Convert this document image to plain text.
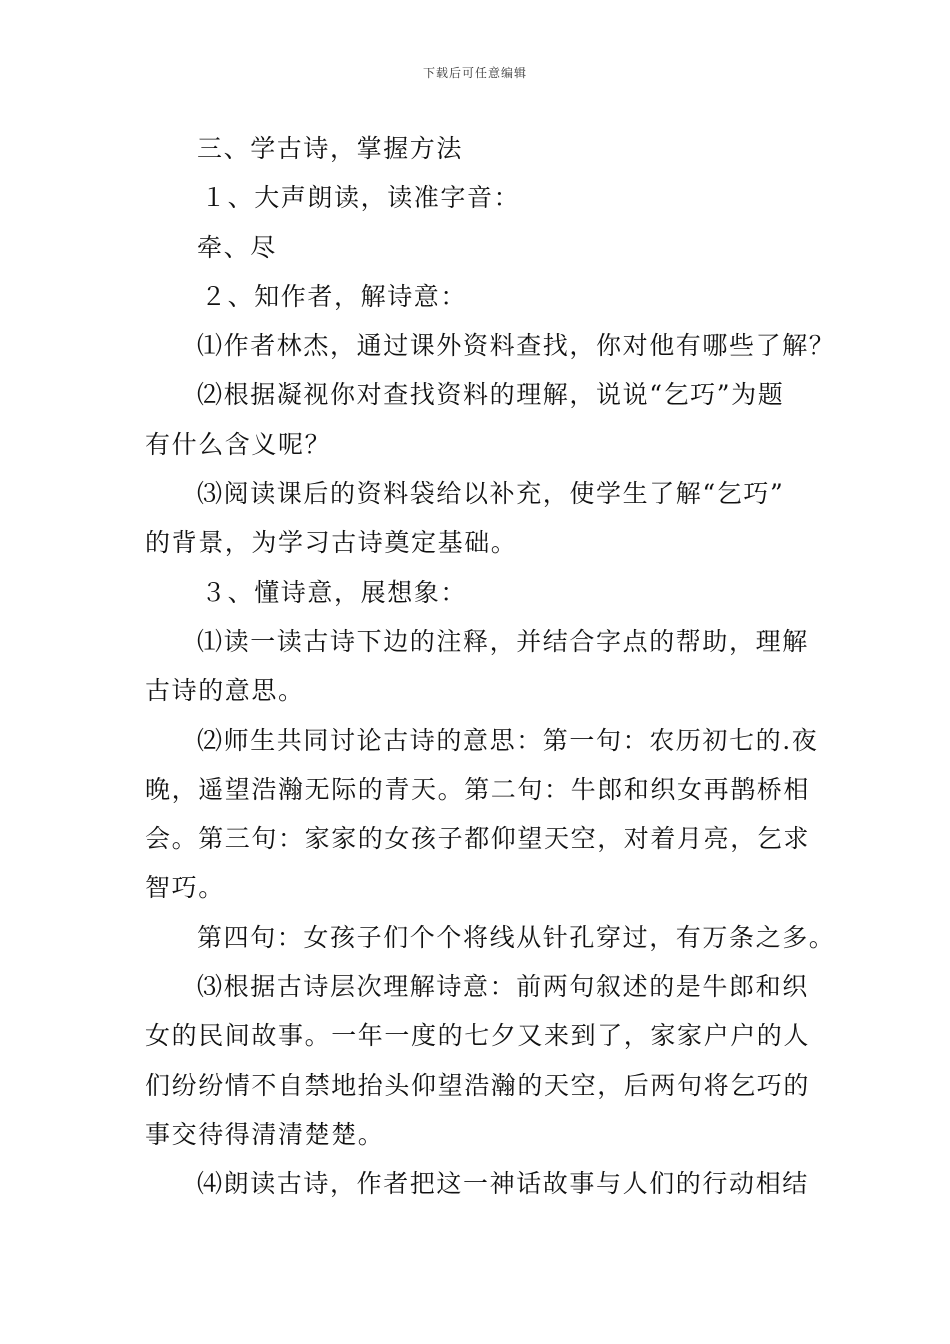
下载后可任意编辑
三、学古诗，掌握方法
１、大声朗读，读准字音：
牵、尽
２、知作者，解诗意：
⑴作者林杰，通过课外资料查找，你对他有哪些了解？
⑵根据凝视你对查找资料的理解，说说“乞巧”为题
有什么含义呢？
⑶阅读课后的资料袋给以补充，使学生了解“乞巧”
的背景，为学习古诗奠定基础。
３、懂诗意，展想象：
⑴读一读古诗下边的注释，并结合字点的帮助，理解
古诗的意思。
⑵师生共同讨论古诗的意思：第一句：农历初七的.夜
晚，遥望浩瀚无际的青天。第二句：牛郎和织女再鹊桥相
会。第三句：家家的女孩子都仰望天空，对着月亮，乞求
智巧。
第四句：女孩子们个个将线从针孔穿过，有万条之多。
⑶根据古诗层次理解诗意：前两句叙述的是牛郎和织
女的民间故事。一年一度的七夕又来到了，家家户户的人
们纷纷情不自禁地抬头仰望浩瀚的天空，后两句将乞巧的
事交待得清清楚楚。
⑷朗读古诗，作者把这一神话故事与人们的行动相结
